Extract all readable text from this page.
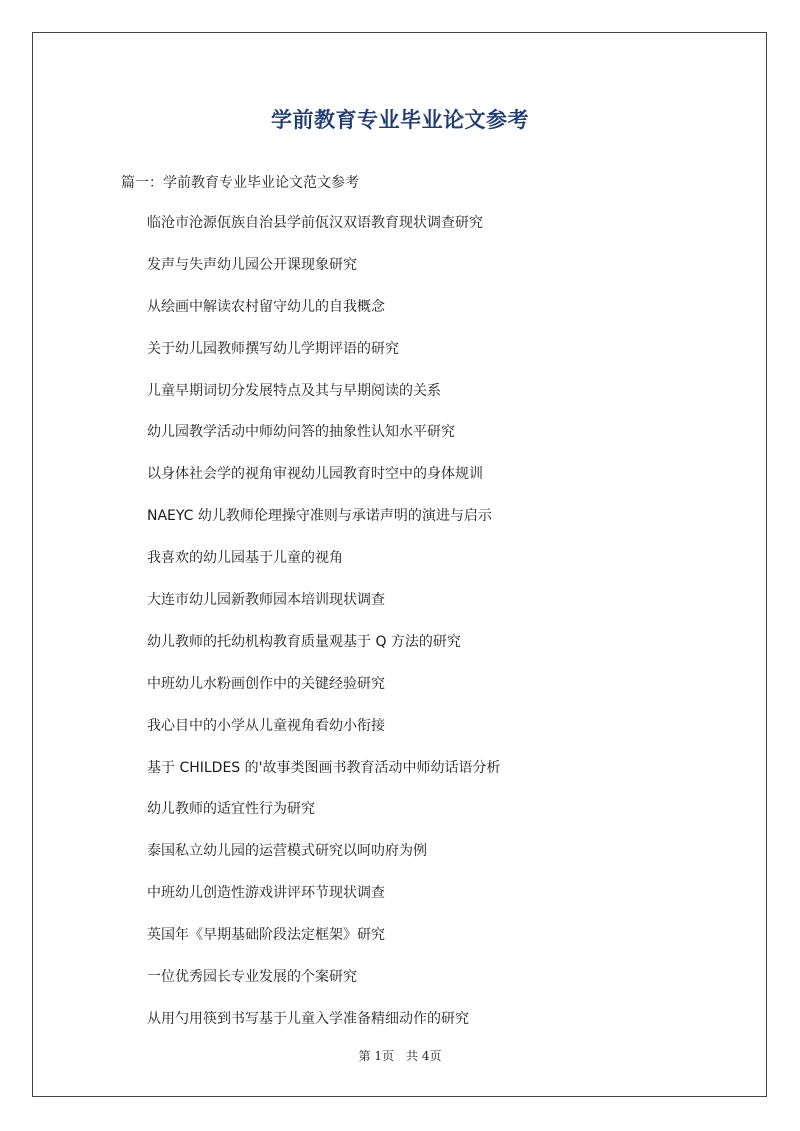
学前教育专业毕业论文参考
篇一：学前教育专业毕业论文范文参考
临沧市沧源佤族自治县学前佤汉双语教育现状调查研究
发声与失声幼儿园公开课现象研究
从绘画中解读农村留守幼儿的自我概念
关于幼儿园教师撰写幼儿学期评语的研究
儿童早期词切分发展特点及其与早期阅读的关系
幼儿园教学活动中师幼问答的抽象性认知水平研究
以身体社会学的视角审视幼儿园教育时空中的身体规训
NAEYC 幼儿教师伦理操守准则与承诺声明的演进与启示
我喜欢的幼儿园基于儿童的视角
大连市幼儿园新教师园本培训现状调查
幼儿教师的托幼机构教育质量观基于 Q 方法的研究
中班幼儿水粉画创作中的关键经验研究
我心目中的小学从儿童视角看幼小衔接
基于 CHILDES 的'故事类图画书教育活动中师幼话语分析
幼儿教师的适宜性行为研究
泰国私立幼儿园的运营模式研究以呵叻府为例
中班幼儿创造性游戏讲评环节现状调查
英国年《早期基础阶段法定框架》研究
一位优秀园长专业发展的个案研究
从用勺用筷到书写基于儿童入学准备精细动作的研究
第 1页 共 4页
